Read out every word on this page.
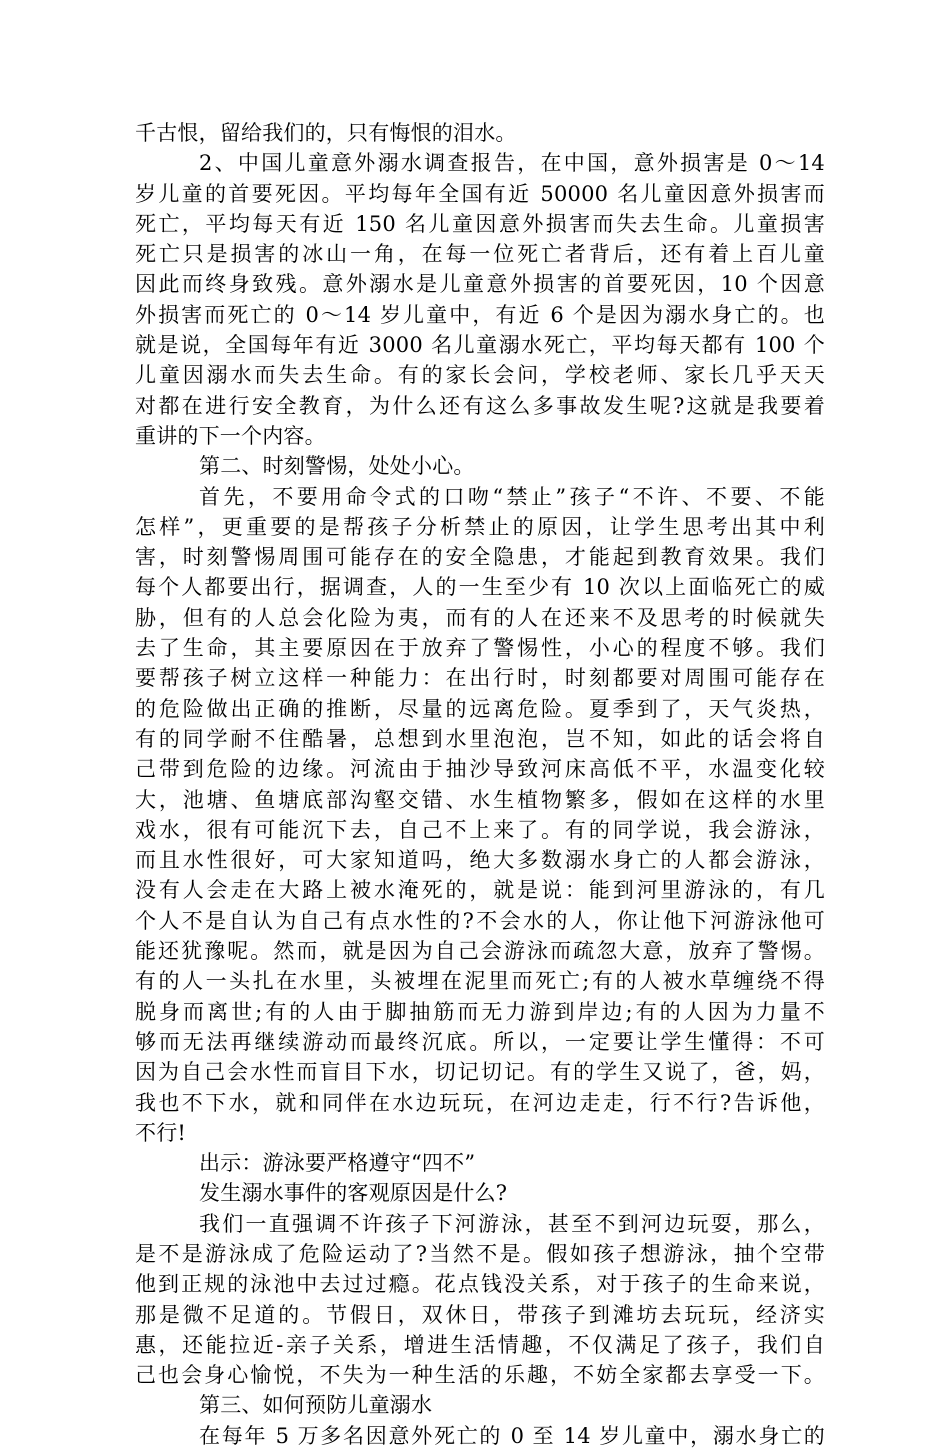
千古恨，留给我们的，只有悔恨的泪水。
2、中国儿童意外溺水调查报告，在中国，意外损害是 0～14
岁儿童的首要死因。平均每年全国有近 50000 名儿童因意外损害而
死亡，平均每天有近 150 名儿童因意外损害而失去生命。儿童损害
死亡只是损害的冰山一角，在每一位死亡者背后，还有着上百儿童
因此而终身致残。意外溺水是儿童意外损害的首要死因，10 个因意
外损害而死亡的 0～14 岁儿童中，有近 6 个是因为溺水身亡的。也
就是说，全国每年有近 3000 名儿童溺水死亡，平均每天都有 100 个
儿童因溺水而失去生命。有的家长会问，学校老师、家长几乎天天
对都在进行安全教育，为什么还有这么多事故发生呢?这就是我要着
重讲的下一个内容。
第二、时刻警惕，处处小心。
首先，不要用命令式的口吻“禁止”孩子“不许、不要、不能
怎样”，更重要的是帮孩子分析禁止的原因，让学生思考出其中利
害，时刻警惕周围可能存在的安全隐患，才能起到教育效果。我们
每个人都要出行，据调查，人的一生至少有 10 次以上面临死亡的威
胁，但有的人总会化险为夷，而有的人在还来不及思考的时候就失
去了生命，其主要原因在于放弃了警惕性，小心的程度不够。我们
要帮孩子树立这样一种能力：在出行时，时刻都要对周围可能存在
的危险做出正确的推断，尽量的远离危险。夏季到了，天气炎热，
有的同学耐不住酷暑，总想到水里泡泡，岂不知，如此的话会将自
己带到危险的边缘。河流由于抽沙导致河床高低不平，水温变化较
大，池塘、鱼塘底部沟壑交错、水生植物繁多，假如在这样的水里
戏水，很有可能沉下去，自己不上来了。有的同学说，我会游泳，
而且水性很好，可大家知道吗，绝大多数溺水身亡的人都会游泳，
没有人会走在大路上被水淹死的，就是说：能到河里游泳的，有几
个人不是自认为自己有点水性的?不会水的人，你让他下河游泳他可
能还犹豫呢。然而，就是因为自己会游泳而疏忽大意，放弃了警惕。
有的人一头扎在水里，头被埋在泥里而死亡;有的人被水草缠绕不得
脱身而离世;有的人由于脚抽筋而无力游到岸边;有的人因为力量不
够而无法再继续游动而最终沉底。所以，一定要让学生懂得：不可
因为自己会水性而盲目下水，切记切记。有的学生又说了，爸，妈，
我也不下水，就和同伴在水边玩玩，在河边走走，行不行?告诉他，
不行!
出示：游泳要严格遵守“四不”
发生溺水事件的客观原因是什么?
我们一直强调不许孩子下河游泳，甚至不到河边玩耍，那么，
是不是游泳成了危险运动了?当然不是。假如孩子想游泳，抽个空带
他到正规的泳池中去过过瘾。花点钱没关系，对于孩子的生命来说，
那是微不足道的。节假日，双休日，带孩子到滩坊去玩玩，经济实
惠，还能拉近-亲子关系，增进生活情趣，不仅满足了孩子，我们自
己也会身心愉悦，不失为一种生活的乐趣，不妨全家都去享受一下。
第三、如何预防儿童溺水
在每年 5 万多名因意外死亡的 0 至 14 岁儿童中，溺水身亡的
